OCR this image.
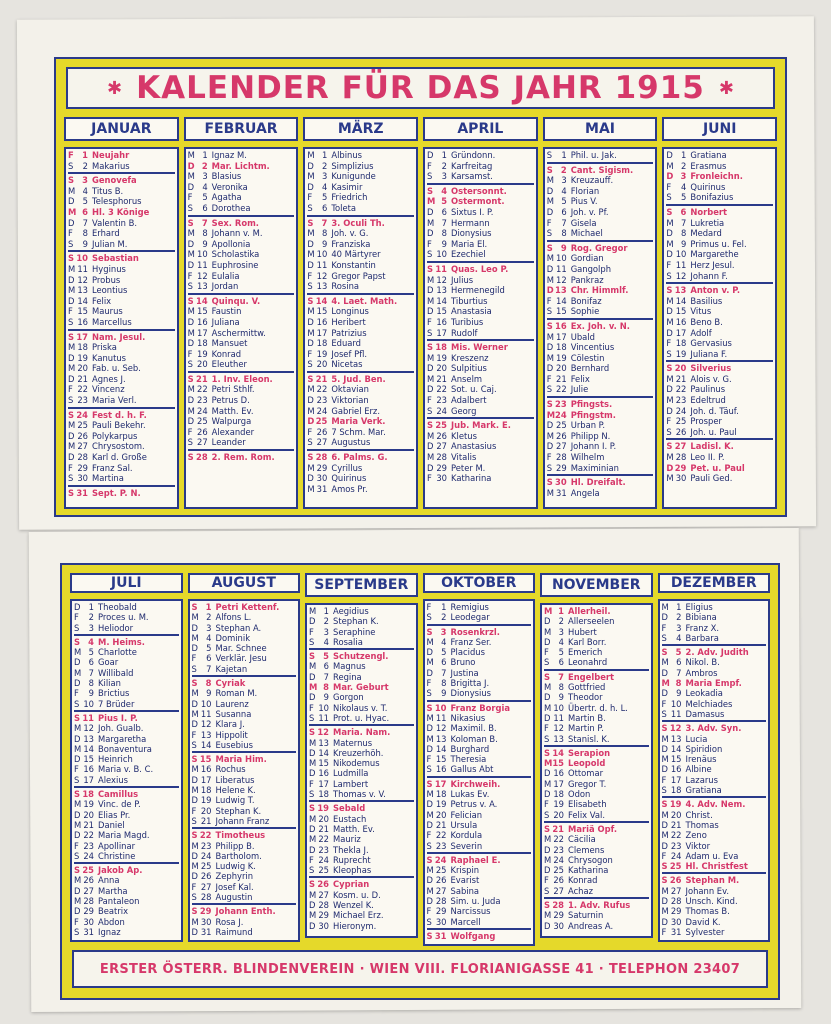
✱ KALENDER FÜR DAS JAHR 1915 ✱
JANUAR
F	1 Neujahr
S	2 Makarius
S 3 Genovefa
M 4 Titus B.
D 5 Telesphorus
M 6 Hl. 3 Könige
D 7 Valentin B.
F	8 Erhard
S	9 Julian M.
S 10 Sebastian
M 11 Hyginus
D 12 Probus
M 13 Leontius
D 14 Felix
F 15 Maurus
S 16 Marcellus
S 17 Nam. Jesul.
M 18 Priska
D 19 Kanutus
M 20 Fab. u. Seb.
D 21 Agnes J.
F 22 Vincenz
S 23 Maria Verl.
S 24 Fest d. h. F.
M 25 Pauli Bekehr.
D 26 Polykarpus
M 27 Chrysostom.
D 28 Karl d. Große
F 29 Franz Sal.
S 30 Martina
S 31 Sept. P. N.
FEBRUAR
M 1 Ignaz M.
D 2 Mar. Lichtm.
M 3 Blasius
D 4 Veronika
F	5 Agatha
S	6 Dorothea
S 7 Sex. Rom.
M 8 Johann v. M.
D 9 Apollonia
M 10 Scholastika
D 11 Euphrosine
F 12 Eulalia
S 13 Jordan
S 14 Quinqu. V.
M 15 Faustin
D 16 Juliana
M 17 Aschermittw.
D 18 Mansuet
F 19 Konrad
S 20 Eleuther
S 21 1. Inv. Eleon.
M 22 Petri Sthlf.
D 23 Petrus D.
M 24 Matth. Ev.
D 25 Walpurga
F 26 Alexander
S 27 Leander
S 28 2. Rem. Rom.
MÄRZ
M 1 Albinus
D 2 Simplizius
M 3 Kunigunde
D 4 Kasimir
F	5 Friedrich
S	6 Toleta
S 7 3. Oculi Th.
M 8 Joh. v. G.
D 9 Franziska
M 10 40 Märtyrer
D 11 Konstantin
F 12 Gregor Papst
S 13 Rosina
S 14 4. Laet. Math.
M 15 Longinus
D 16 Heribert
M 17 Patrizius
D 18 Eduard
F 19 Josef Pfl.
S 20 Nicetas
S 21 5. Jud. Ben.
M 22 Oktavian
D 23 Viktorian
M 24 Gabriel Erz.
D 25 Maria Verk.
F 26 7 Schm. Mar.
S 27 Augustus
S 28 6. Palms. G.
M 29 Cyrillus
D 30 Quirinus
M 31 Amos Pr.
APRIL
D 1 Gründonn.
F	2 Karfreitag
S	3 Karsamst.
S 4 Ostersonnt.
M 5 Ostermont.
D 6 Sixtus I. P.
M 7 Hermann
D 8 Dionysius
F	9 Maria El.
S 10 Ezechiel
S 11 Quas. Leo P.
M 12 Julius
D 13 Hermenegild
M 14 Tiburtius
D 15 Anastasia
F 16 Turibius
S 17 Rudolf
S 18 Mis. Werner
M 19 Kreszenz
D 20 Sulpitius
M 21 Anselm
D 22 Sot. u. Caj.
F 23 Adalbert
S 24 Georg
S 25 Jub. Mark. E.
M 26 Kletus
D 27 Anastasius
M 28 Vitalis
D 29 Peter M.
F 30 Katharina
MAI
S	1 Phil. u. Jak.
S 2 Cant. Sigism.
M 3 Kreuzauff.
D 4 Florian
M 5 Pius V.
D 6 Joh. v. Pf.
F	7 Gisela
S	8 Michael
S 9 Rog. Gregor
M 10 Gordian
D 11 Gangolph
M 12 Pankraz
D 13 Chr. Himmlf.
F 14 Bonifaz
S 15 Sophie
S 16 Ex. Joh. v. N.
M 17 Ubald
D 18 Vincentius
M 19 Cölestin
D 20 Bernhard
F 21 Felix
S 22 Julie
S 23 Pfingsts.
M 24 Pfingstm.
D 25 Urban P.
M 26 Philipp N.
D 27 Johann I. P.
F 28 Wilhelm
S 29 Maximinian
S 30 Hl. Dreifalt.
M 31 Angela
JUNI
D 1 Gratiana
M 2 Erasmus
D 3 Fronleichn.
F	4 Quirinus
S	5 Bonifazius
S 6 Norbert
M 7 Lukretia
D 8 Medard
M 9 Primus u. Fel.
D 10 Margarethe
F 11 Herz Jesul.
S 12 Johann F.
S 13 Anton v. P.
M 14 Basilius
D 15 Vitus
M 16 Beno B.
D 17 Adolf
F 18 Gervasius
S 19 Juliana F.
S 20 Silverius
M 21 Alois v. G.
D 22 Paulinus
M 23 Edeltrud
D 24 Joh. d. Täuf.
F 25 Prosper
S 26 Joh. u. Paul
S 27 Ladisl. K.
M 28 Leo II. P.
D 29 Pet. u. Paul
M 30 Pauli Ged.
JULI
D 1 Theobald
F	2 Proces u. M.
S	3 Heliodor
S 4 M. Heims.
M 5 Charlotte
D 6 Goar
M 7 Willibald
D 8 Kilian
F	9 Brictius
S 10 7 Brüder
S 11 Pius I. P.
M 12 Joh. Gualb.
D 13 Margaretha
M 14 Bonaventura
D 15 Heinrich
F 16 Maria v. B. C.
S 17 Alexius
S 18 Camillus
M 19 Vinc. de P.
D 20 Elias Pr.
M 21 Daniel
D 22 Maria Magd.
F 23 Apollinar
S 24 Christine
S 25 Jakob Ap.
M 26 Anna
D 27 Martha
M 28 Pantaleon
D 29 Beatrix
F 30 Abdon
S 31 Ignaz
AUGUST
S 1 Petri Kettenf.
M 2 Alfons L.
D 3 Stephan A.
M 4 Dominik
D 5 Mar. Schnee
F	6 Verklär. Jesu
S	7 Kajetan
S 8 Cyriak
M 9 Roman M.
D 10 Laurenz
M 11 Susanna
D 12 Klara J.
F 13 Hippolit
S 14 Eusebius
S 15 Maria Him.
M 16 Rochus
D 17 Liberatus
M 18 Helene K.
D 19 Ludwig T.
F 20 Stephan K.
S 21 Johann Franz
S 22 Timotheus
M 23 Philipp B.
D 24 Bartholom.
M 25 Ludwig K.
D 26 Zephyrin
F 27 Josef Kal.
S 28 Augustin
S 29 Johann Enth.
M 30 Rosa J.
D 31 Raimund
SEPTEMBER
M 1 Aegidius
D 2 Stephan K.
F	3 Seraphine
S	4 Rosalia
S 5 Schutzengl.
M 6 Magnus
D 7 Regina
M 8 Mar. Geburt
D 9 Gorgon
F 10 Nikolaus v. T.
S 11 Prot. u. Hyac.
S 12 Maria. Nam.
M 13 Maternus
D 14 Kreuzerhöh.
M 15 Nikodemus
D 16 Ludmilla
F 17 Lambert
S 18 Thomas v. V.
S 19 Sebald
M 20 Eustach
D 21 Matth. Ev.
M 22 Mauriz
D 23 Thekla J.
F 24 Ruprecht
S 25 Kleophas
S 26 Cyprian
M 27 Kosm. u. D.
D 28 Wenzel K.
M 29 Michael Erz.
D 30 Hieronym.
OKTOBER
F	1 Remigius
S	2 Leodegar
S 3 Rosenkrzl.
M 4 Franz Ser.
D 5 Placidus
M 6 Bruno
D 7 Justina
F	8 Brigitta J.
S	9 Dionysius
S 10 Franz Borgia
M 11 Nikasius
D 12 Maximil. B.
M 13 Koloman B.
D 14 Burghard
F 15 Theresia
S 16 Gallus Abt
S 17 Kirchweih.
M 18 Lukas Ev.
D 19 Petrus v. A.
M 20 Felician
D 21 Ursula
F 22 Kordula
S 23 Severin
S 24 Raphael E.
M 25 Krispin
D 26 Evarist
M 27 Sabina
D 28 Sim. u. Juda
F 29 Narcissus
S 30 Marcell
S 31 Wolfgang
NOVEMBER
M 1 Allerheil.
D 2 Allerseelen
M 3 Hubert
D 4 Karl Borr.
F	5 Emerich
S	6 Leonahrd
S 7 Engelbert
M 8 Gottfried
D 9 Theodor
M 10 Übertr. d. h. L.
D 11 Martin B.
F 12 Martin P.
S 13 Stanisl. K.
S 14 Serapion
M 15 Leopold
D 16 Ottomar
M 17 Gregor T.
D 18 Odon
F 19 Elisabeth
S 20 Felix Val.
S 21 Mariä Opf.
M 22 Cäcilia
D 23 Clemens
M 24 Chrysogon
D 25 Katharina
F 26 Konrad
S 27 Achaz
S 28 1. Adv. Rufus
M 29 Saturnin
D 30 Andreas A.
DEZEMBER
M 1 Eligius
D 2 Bibiana
F	3 Franz X.
S	4 Barbara
S 5 2. Adv. Judith
M 6 Nikol. B.
D 7 Ambros
M 8 Maria Empf.
D 9 Leokadia
F 10 Melchiades
S 11 Damasus
S 12 3. Adv. Syn.
M 13 Lucia
D 14 Spiridion
M 15 Irenäus
D 16 Albine
F 17 Lazarus
S 18 Gratiana
S 19 4. Adv. Nem.
M 20 Christ.
D 21 Thomas
M 22 Zeno
D 23 Viktor
F 24 Adam u. Eva
S 25 Hl. Christfest
S 26 Stephan M.
M 27 Johann Ev.
D 28 Unsch. Kind.
M 29 Thomas B.
D 30 David K.
F 31 Sylvester
ERSTER ÖSTERR. BLINDENVEREIN · WIEN VIII. FLORIANIGASSE 41 · TELEPHON 23407
